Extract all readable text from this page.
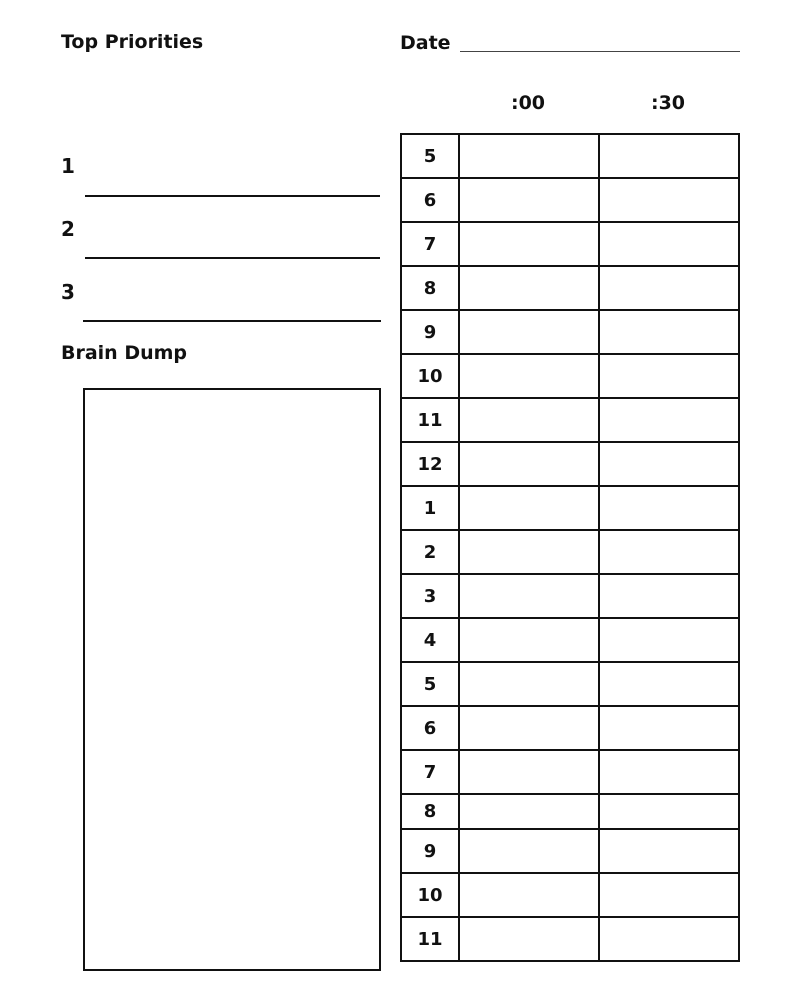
Top Priorities	Date
1
2
3
Brain Dump
:00	:30
5		
6		
7		
8		
9		
10		
11		
12		
1		
2		
3		
4		
5		
6		
7		
8		
9		
10		
11		
